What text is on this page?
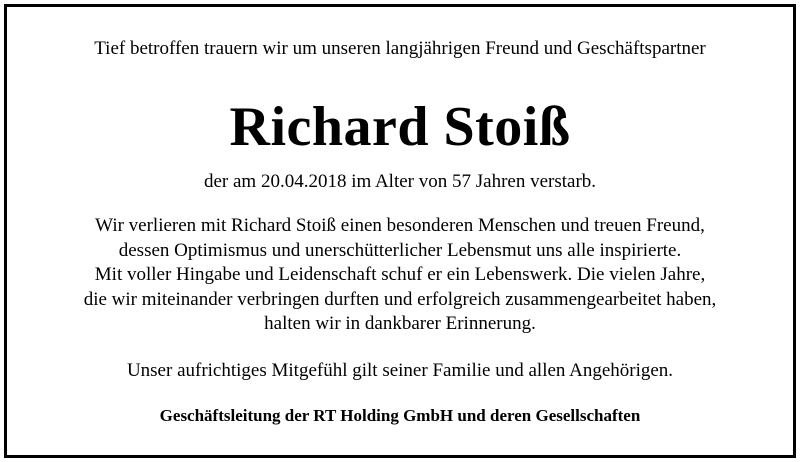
Tief betroffen trauern wir um unseren langjährigen Freund und Geschäftspartner

Richard Stoiß

der am 20.04.2018 im Alter von 57 Jahren verstarb.

Wir verlieren mit Richard Stoiß einen besonderen Menschen und treuen Freund,
dessen Optimismus und unerschütterlicher Lebensmut uns alle inspirierte.
Mit voller Hingabe und Leidenschaft schuf er ein Lebenswerk. Die vielen Jahre,
die wir miteinander verbringen durften und erfolgreich zusammengearbeitet haben,
halten wir in dankbarer Erinnerung.

Unser aufrichtiges Mitgefühl gilt seiner Familie und allen Angehörigen.

Geschäftsleitung der RT Holding GmbH und deren Gesellschaften
